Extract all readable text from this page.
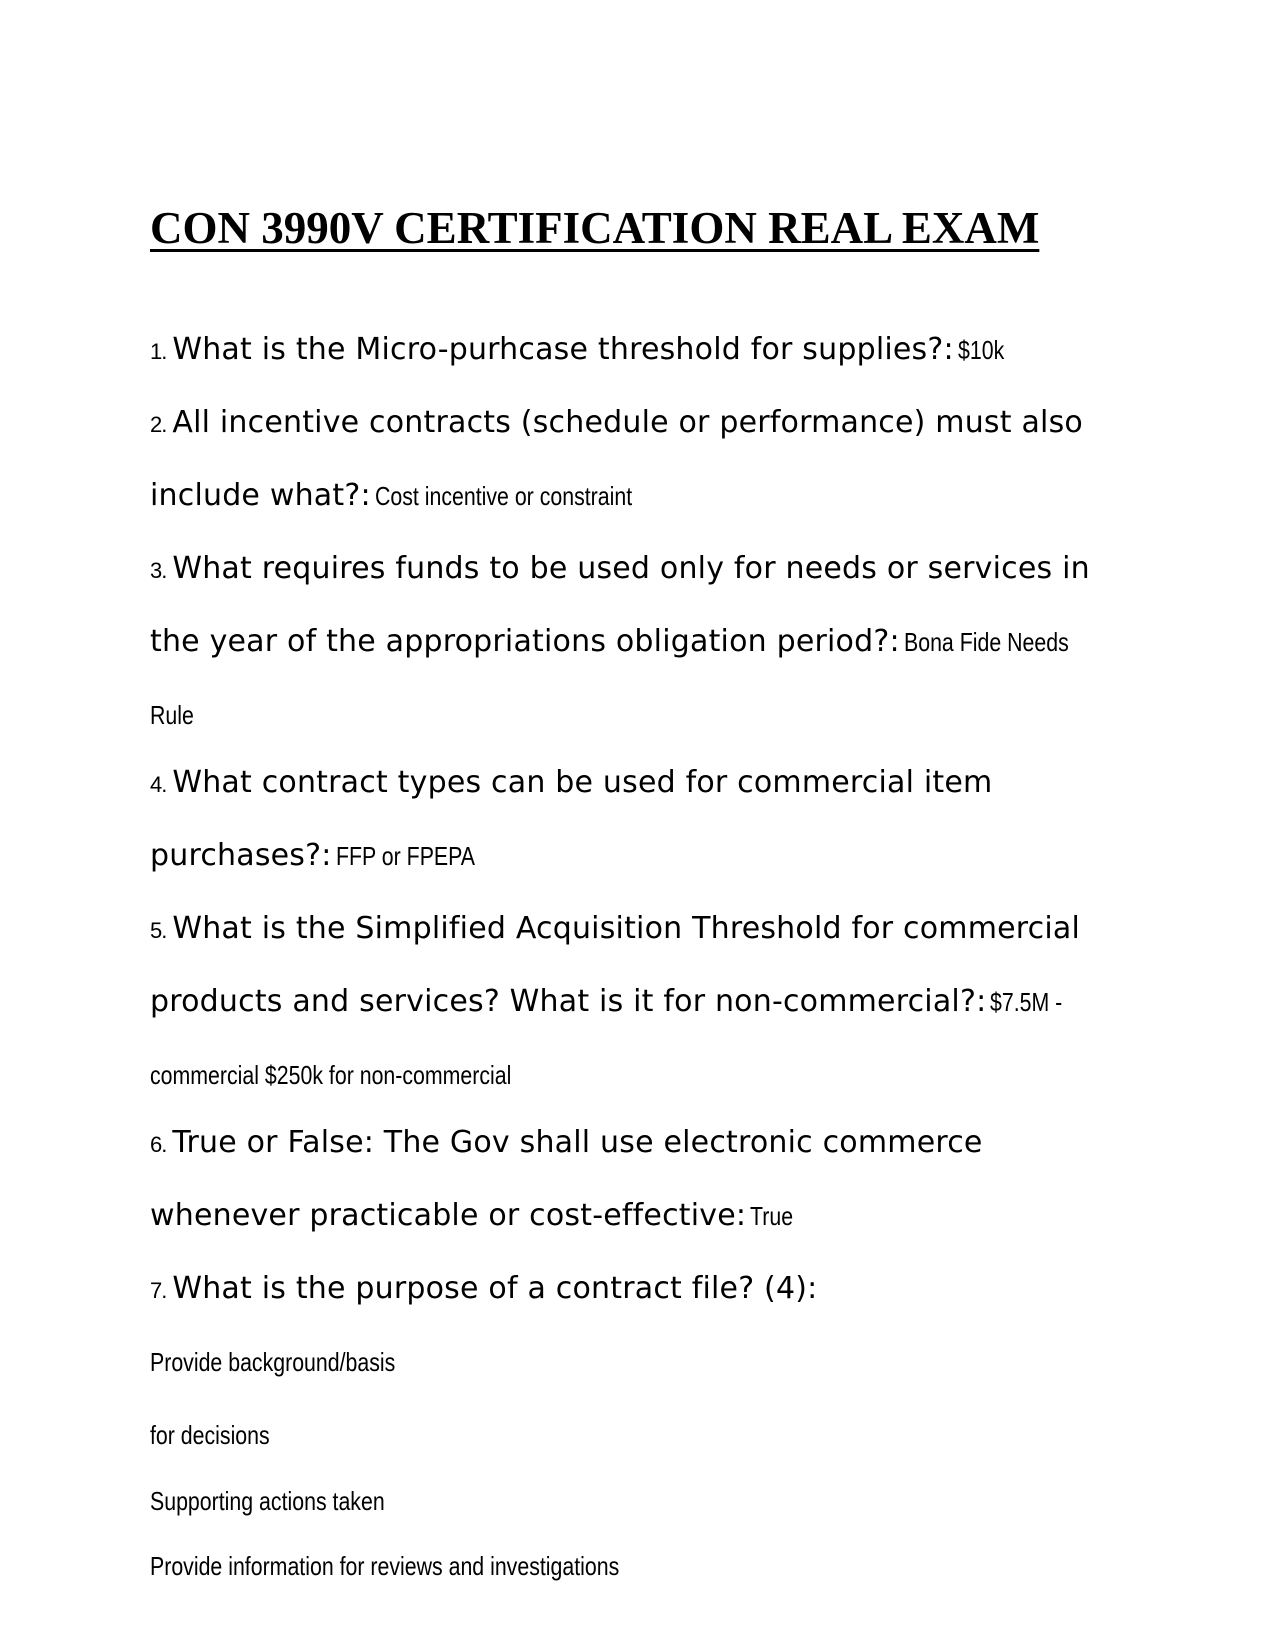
CON 3990V CERTIFICATION REAL EXAM
1. What is the Micro-purhcase threshold for supplies?: $10k
2. All incentive contracts (schedule or performance) must also include what?: Cost incentive or constraint
3. What requires funds to be used only for needs or services in the year of the appropriations obligation period?: Bona Fide Needs
Rule
4. What contract types can be used for commercial item purchases?: FFP or FPEPA
5. What is the Simplified Acquisition Threshold for commercial products and services? What is it for non-commercial?: $7.5M -
commercial $250k for non-commercial
6. True or False: The Gov shall use electronic commerce whenever practicable or cost-effective: True
7. What is the purpose of a contract file? (4): Provide background/basis
for decisions
Supporting actions taken
Provide information for reviews and investigations
